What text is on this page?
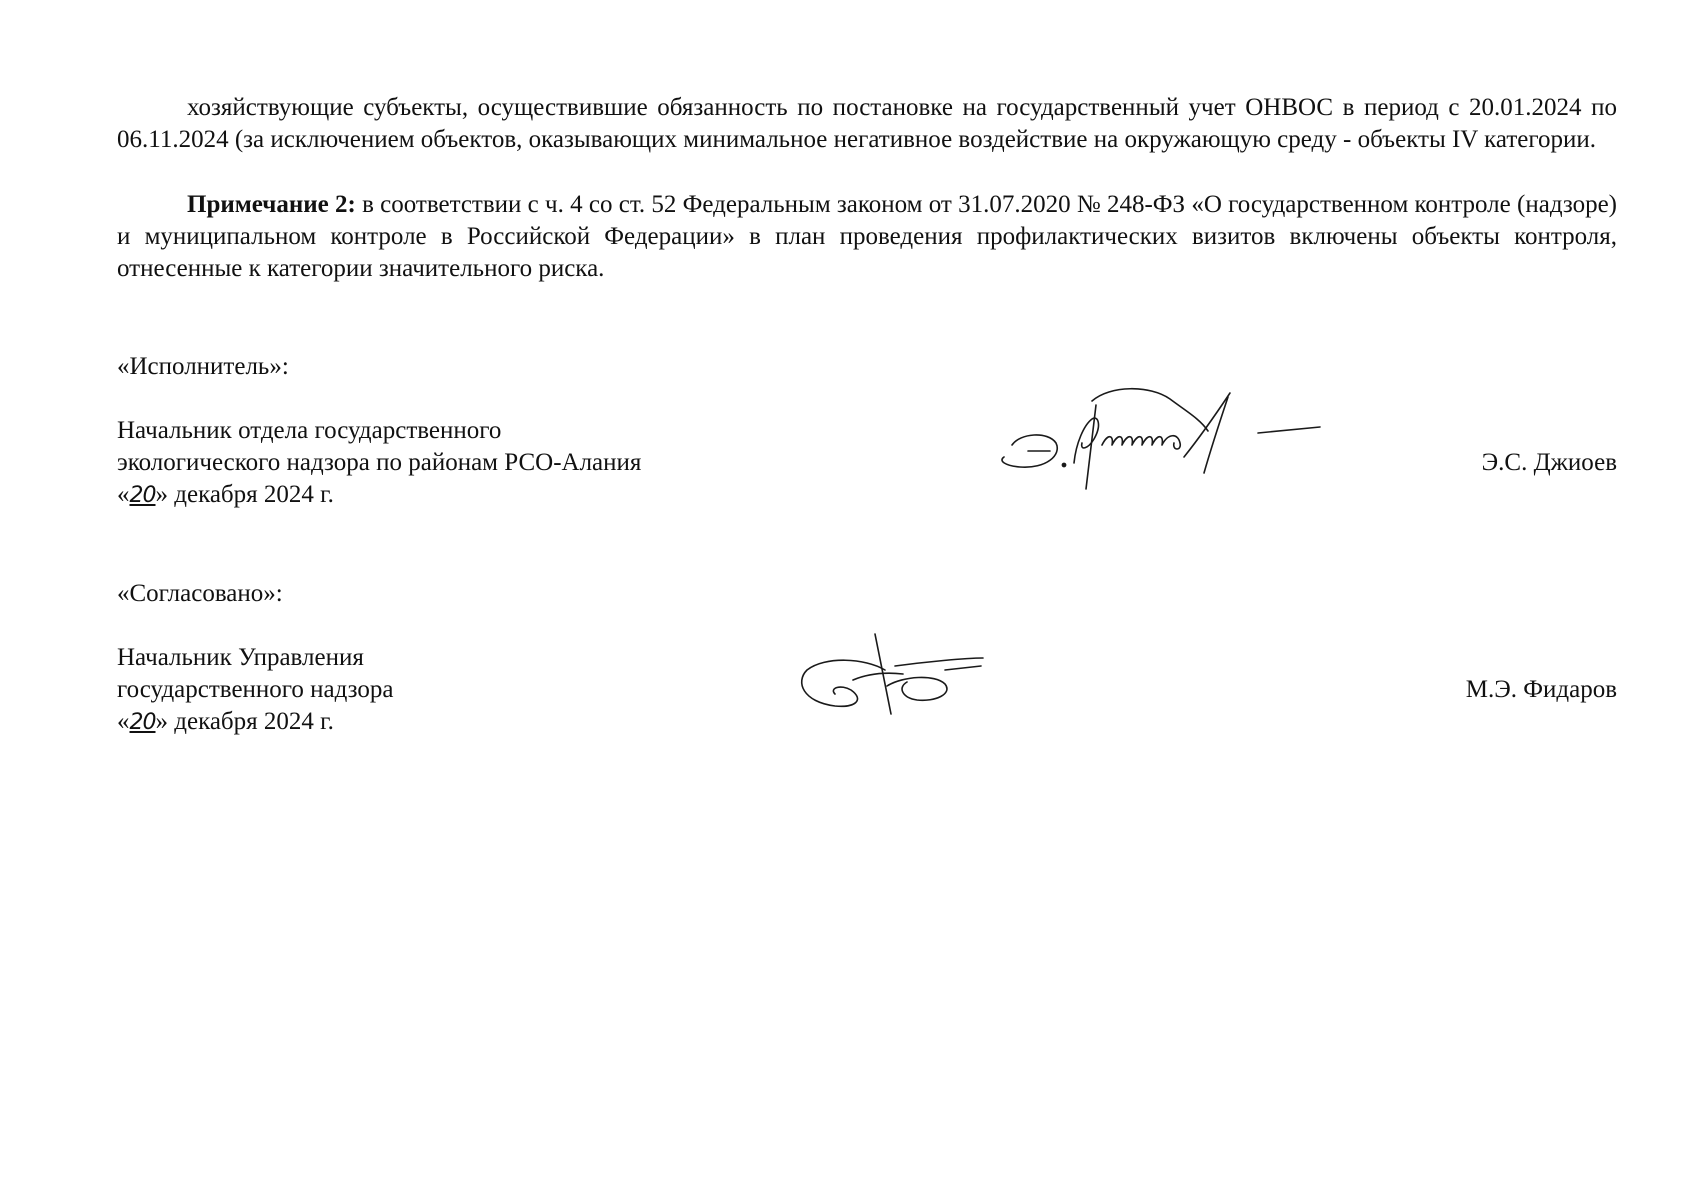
хозяйствующие субъекты, осуществившие обязанность по постановке на государственный учет ОНВОС в период с 20.01.2024 по 06.11.2024 (за исключением объектов, оказывающих минимальное негативное воздействие на окружающую среду - объекты IV категории.

Примечание 2: в соответствии с ч. 4 со ст. 52 Федеральным законом от 31.07.2020 № 248-ФЗ «О государственном контроле (надзоре) и муниципальном контроле в Российской Федерации» в план проведения профилактических визитов включены объекты контроля, отнесенные к категории значительного риска.

«Исполнитель»:

Начальник отдела государственного

экологического надзора по районам РСО-Алания

«20» декабря 2024 г.

Э.С. Джиоев

«Согласовано»:

Начальник Управления

государственного надзора

«20» декабря 2024 г.

М.Э. Фидаров
